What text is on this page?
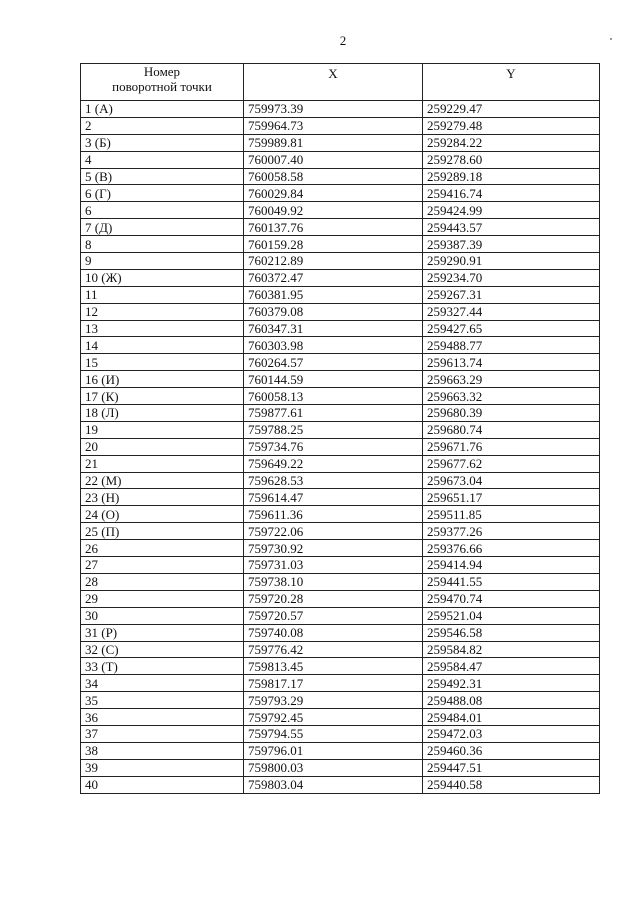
2
Номер
поворотной точки	X	Y
1 (А)	759973.39	259229.47
2	759964.73	259279.48
3 (Б)	759989.81	259284.22
4	760007.40	259278.60
5 (В)	760058.58	259289.18
6 (Г)	760029.84	259416.74
6	760049.92	259424.99
7 (Д)	760137.76	259443.57
8	760159.28	259387.39
9	760212.89	259290.91
10 (Ж)	760372.47	259234.70
11	760381.95	259267.31
12	760379.08	259327.44
13	760347.31	259427.65
14	760303.98	259488.77
15	760264.57	259613.74
16 (И)	760144.59	259663.29
17 (К)	760058.13	259663.32
18 (Л)	759877.61	259680.39
19	759788.25	259680.74
20	759734.76	259671.76
21	759649.22	259677.62
22 (М)	759628.53	259673.04
23 (Н)	759614.47	259651.17
24 (О)	759611.36	259511.85
25 (П)	759722.06	259377.26
26	759730.92	259376.66
27	759731.03	259414.94
28	759738.10	259441.55
29	759720.28	259470.74
30	759720.57	259521.04
31 (Р)	759740.08	259546.58
32 (С)	759776.42	259584.82
33 (Т)	759813.45	259584.47
34	759817.17	259492.31
35	759793.29	259488.08
36	759792.45	259484.01
37	759794.55	259472.03
38	759796.01	259460.36
39	759800.03	259447.51
40	759803.04	259440.58
